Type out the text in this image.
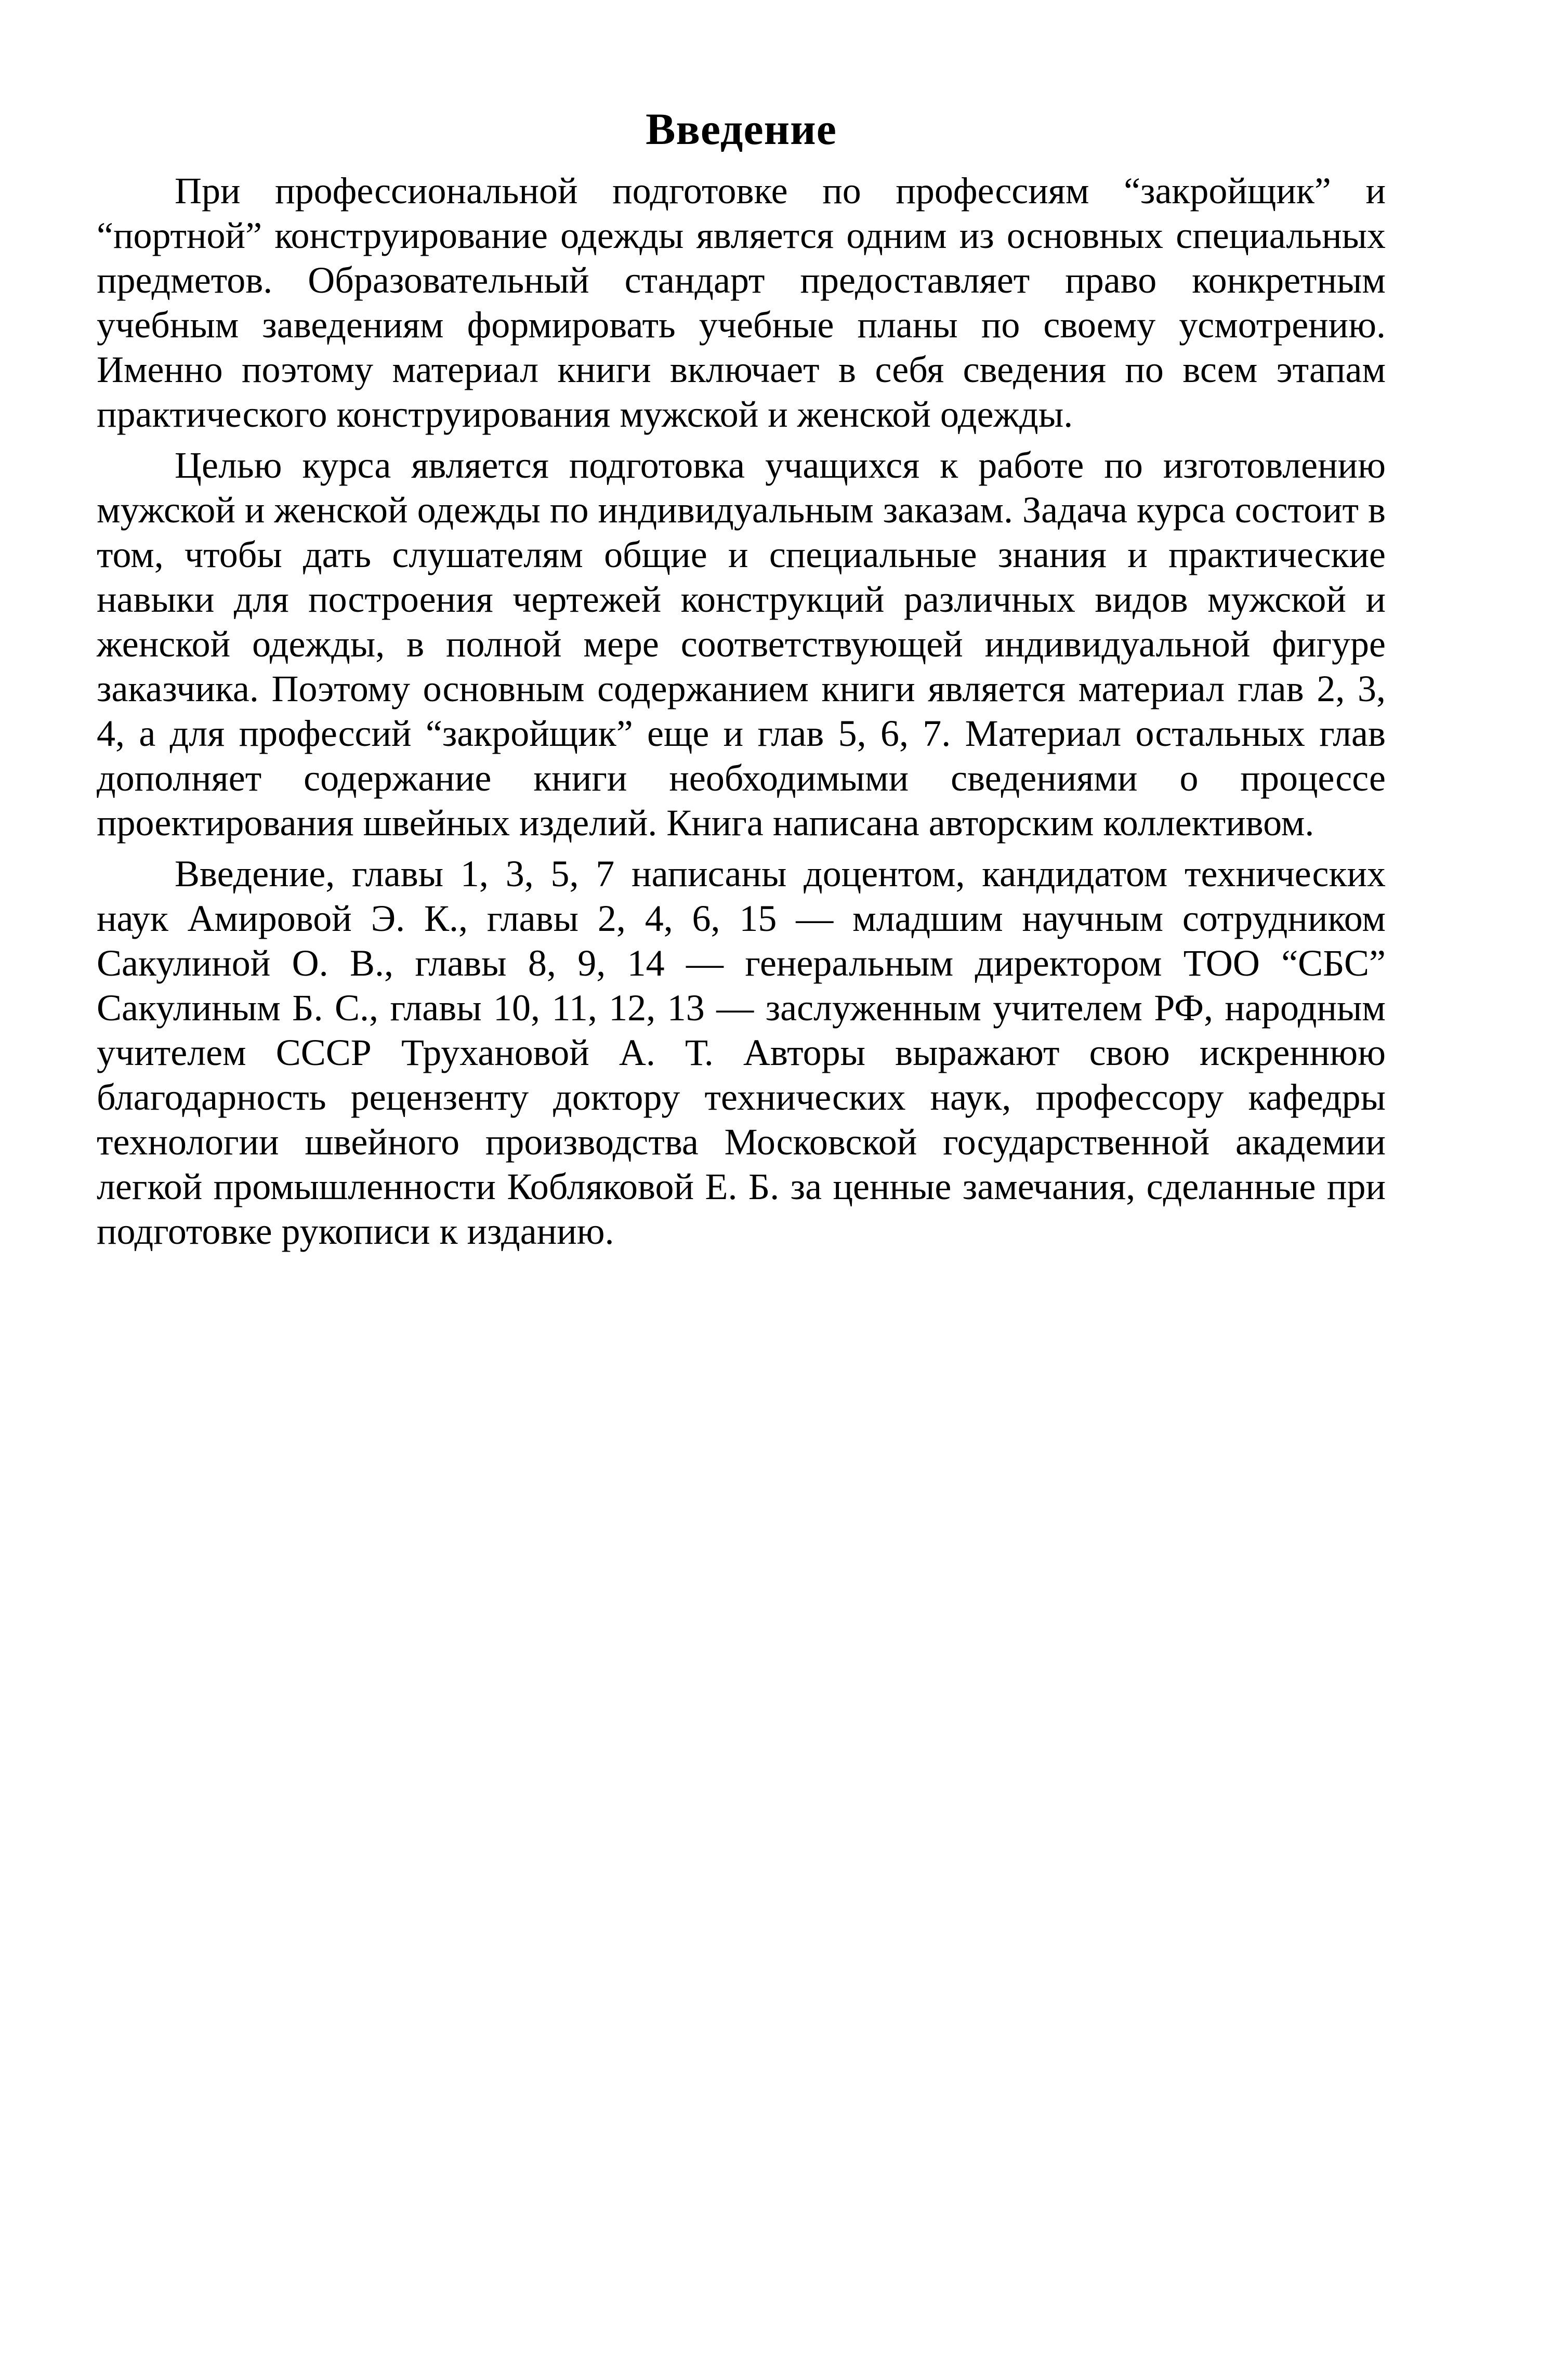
Введение

При профессиональной подготовке по профессиям “закройщик” и “портной” конструирование одежды является одним из основных специальных предметов. Образовательный стандарт предоставляет право конкретным учебным заведениям формировать учебные планы по своему усмотрению. Именно поэтому материал книги включает в себя сведения по всем этапам практического конструирования мужской и женской одежды.

Целью курса является подготовка учащихся к работе по изготовлению мужской и женской одежды по индивидуальным заказам. Задача курса состоит в том, чтобы дать слушателям общие и специальные знания и практические навыки для построения чертежей конструкций различных видов мужской и женской одежды, в полной мере соответствующей индивидуальной фигуре заказчика. Поэтому основным содержанием книги является материал глав 2, 3, 4, а для профессий “закройщик” еще и глав 5, 6, 7. Материал остальных глав дополняет содержание книги необходимыми сведениями о процессе проектирования швейных изделий. Книга написана авторским коллективом.

Введение, главы 1, 3, 5, 7 написаны доцентом, кандидатом технических наук Амировой Э. К., главы 2, 4, 6, 15 — младшим научным сотрудником Сакулиной О. В., главы 8, 9, 14 — генеральным директором ТОО “СБС” Сакулиным Б. С., главы 10, 11, 12, 13 — заслуженным учителем РФ, народным учителем СССР Трухановой А. Т. Авторы выражают свою искреннюю благодарность рецензенту доктору технических наук, профессору кафедры технологии швейного производства Московской государственной академии легкой промышленности Кобляковой Е. Б. за ценные замечания, сделанные при подготовке рукописи к изданию.
